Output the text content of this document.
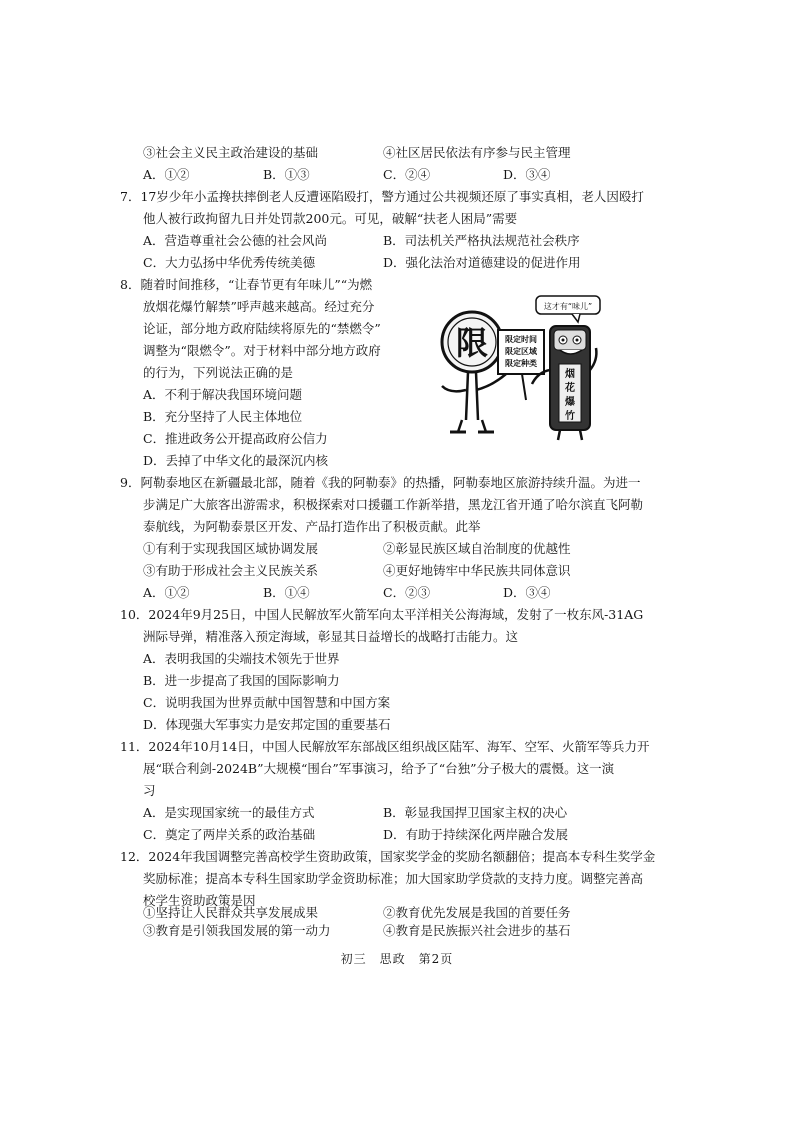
③社会主义民主政治建设的基础	④社区居民依法有序参与民主管理
A．①②	B．①③	C．②④	D．③④
7．17岁少年小孟搀扶摔倒老人反遭诬陷殴打，警方通过公共视频还原了事实真相，老人因殴打
他人被行政拘留九日并处罚款200元。可见，破解“扶老人困局”需要
A．营造尊重社会公德的社会风尚	B．司法机关严格执法规范社会秩序
C．大力弘扬中华优秀传统美德	D．强化法治对道德建设的促进作用
8．随着时间推移，“让春节更有年味儿”“为燃
放烟花爆竹解禁”呼声越来越高。经过充分
论证，部分地方政府陆续将原先的“禁燃令”
调整为“限燃令”。对于材料中部分地方政府
的行为，下列说法正确的是
A．不利于解决我国环境问题
B．充分坚持了人民主体地位
C．推进政务公开提高政府公信力
D．丢掉了中华文化的最深沉内核
限 限定时间
限定区域
限定种类
这才有“味儿”
烟
花
爆
竹
9．阿勒泰地区在新疆最北部，随着《我的阿勒泰》的热播，阿勒泰地区旅游持续升温。为进一
步满足广大旅客出游需求，积极探索对口援疆工作新举措，黑龙江省开通了哈尔滨直飞阿勒
泰航线，为阿勒泰景区开发、产品打造作出了积极贡献。此举
①有利于实现我国区域协调发展	②彰显民族区域自治制度的优越性
③有助于形成社会主义民族关系	④更好地铸牢中华民族共同体意识
A．①②	B．①④	C．②③	D．③④
10．2024年9月25日，中国人民解放军火箭军向太平洋相关公海海域，发射了一枚东风-31AG
洲际导弹，精准落入预定海域，彰显其日益增长的战略打击能力。这
A．表明我国的尖端技术领先于世界
B．进一步提高了我国的国际影响力
C．说明我国为世界贡献中国智慧和中国方案
D．体现强大军事实力是安邦定国的重要基石
11．2024年10月14日，中国人民解放军东部战区组织战区陆军、海军、空军、火箭军等兵力开
展“联合利剑-2024B”大规模“围台”军事演习，给予了“台独”分子极大的震慑。这一演
习
A．是实现国家统一的最佳方式	B．彰显我国捍卫国家主权的决心
C．奠定了两岸关系的政治基础	D．有助于持续深化两岸融合发展
12．2024年我国调整完善高校学生资助政策，国家奖学金的奖励名额翻倍；提高本专科生奖学金
奖励标准；提高本专科生国家助学金资助标准；加大国家助学贷款的支持力度。调整完善高
校学生资助政策是因
①坚持让人民群众共享发展成果	②教育优先发展是我国的首要任务
③教育是引领我国发展的第一动力	④教育是民族振兴社会进步的基石
初三　思政　第2页
